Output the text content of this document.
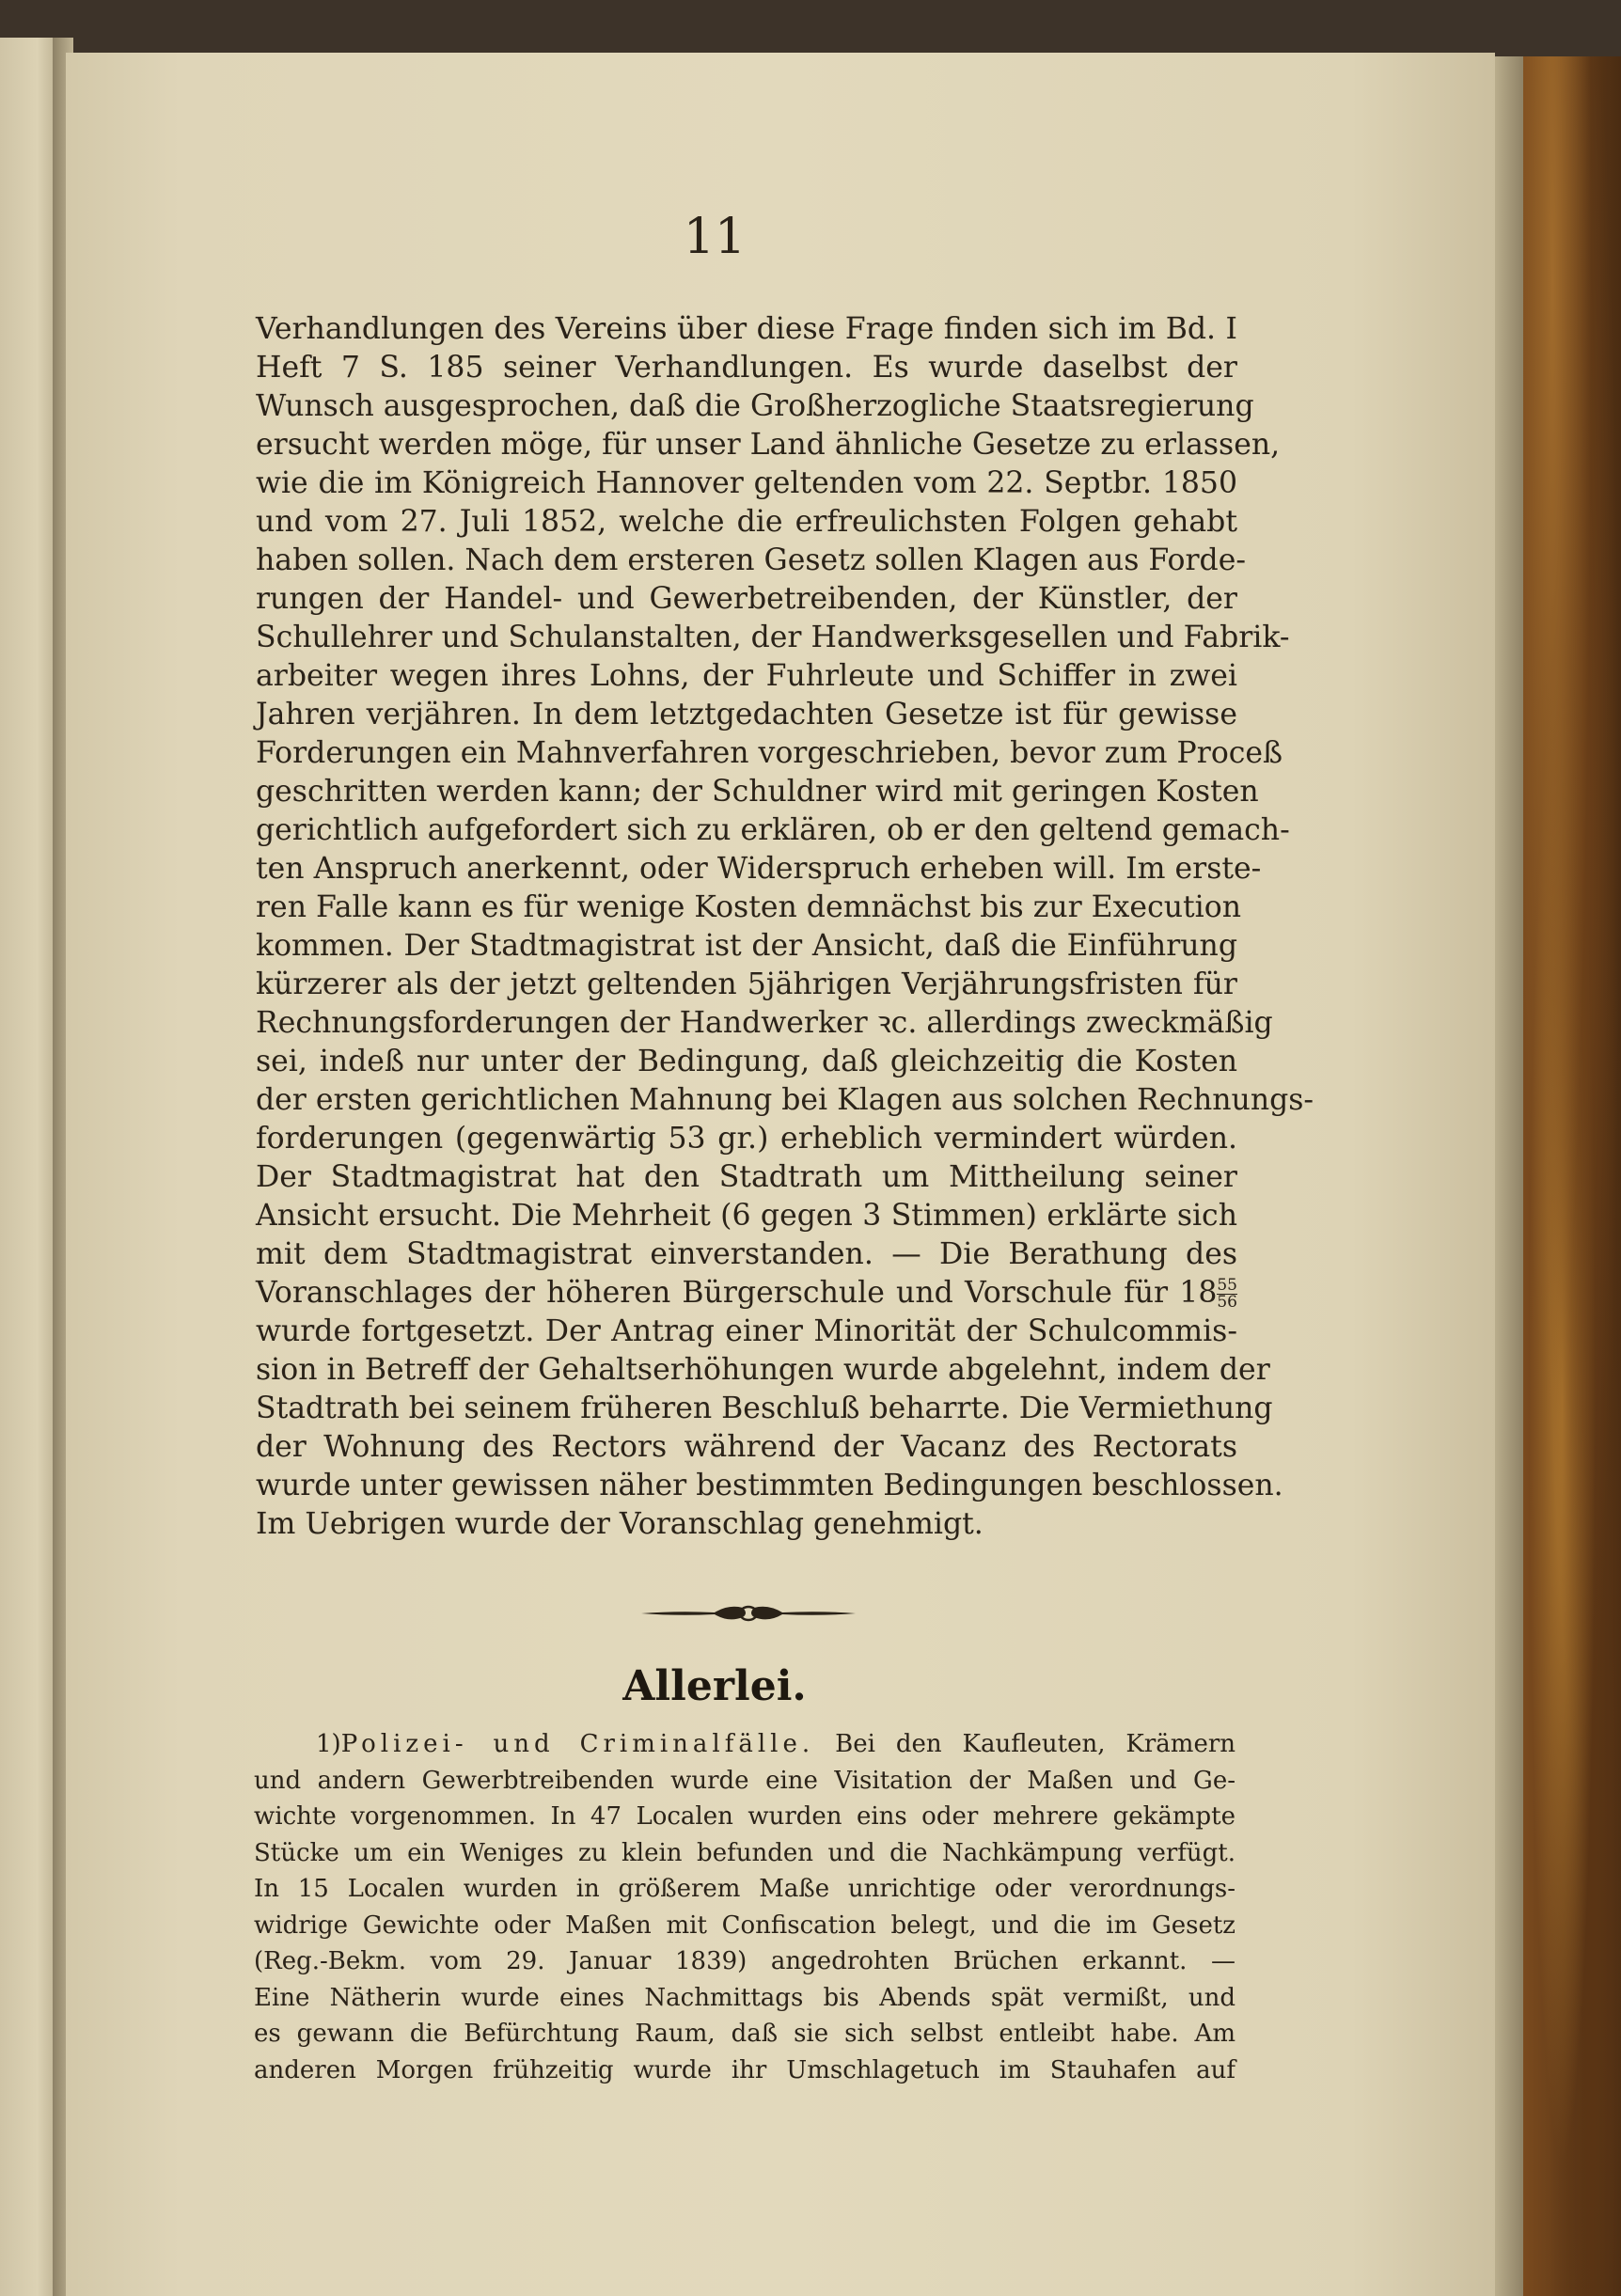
11
Verhandlungen des Vereins über diese Frage finden sich im Bd. I
Heft 7 S. 185 seiner Verhandlungen. Es wurde daselbst der
Wunsch ausgesprochen, daß die Großherzogliche Staatsregierung
ersucht werden möge, für unser Land ähnliche Gesetze zu erlassen,
wie die im Königreich Hannover geltenden vom 22. Septbr. 1850
und vom 27. Juli 1852, welche die erfreulichsten Folgen gehabt
haben sollen. Nach dem ersteren Gesetz sollen Klagen aus Forde-
rungen der Handel- und Gewerbetreibenden, der Künstler, der
Schullehrer und Schulanstalten, der Handwerksgesellen und Fabrik-
arbeiter wegen ihres Lohns, der Fuhrleute und Schiffer in zwei
Jahren verjähren. In dem letztgedachten Gesetze ist für gewisse
Forderungen ein Mahnverfahren vorgeschrieben, bevor zum Proceß
geschritten werden kann; der Schuldner wird mit geringen Kosten
gerichtlich aufgefordert sich zu erklären, ob er den geltend gemach-
ten Anspruch anerkennt, oder Widerspruch erheben will. Im erste-
ren Falle kann es für wenige Kosten demnächst bis zur Execution
kommen. Der Stadtmagistrat ist der Ansicht, daß die Einführung
kürzerer als der jetzt geltenden 5jährigen Verjährungsfristen für
Rechnungsforderungen der Handwerker ꝛc. allerdings zweckmäßig
sei, indeß nur unter der Bedingung, daß gleichzeitig die Kosten
der ersten gerichtlichen Mahnung bei Klagen aus solchen Rechnungs-
forderungen (gegenwärtig 53 gr.) erheblich vermindert würden.
Der Stadtmagistrat hat den Stadtrath um Mittheilung seiner
Ansicht ersucht. Die Mehrheit (6 gegen 3 Stimmen) erklärte sich
mit dem Stadtmagistrat einverstanden. — Die Berathung des
Voranschlages der höheren Bürgerschule und Vorschule für $18 \frac{55}{56}$
wurde fortgesetzt. Der Antrag einer Minorität der Schulcommis-
sion in Betreff der Gehaltserhöhungen wurde abgelehnt, indem der
Stadtrath bei seinem früheren Beschluß beharrte. Die Vermiethung
der Wohnung des Rectors während der Vacanz des Rectorats
wurde unter gewissen näher bestimmten Bedingungen beschlossen.
Im Uebrigen wurde der Voranschlag genehmigt.
Allerlei.
1)Polizei- und Criminalfälle. Bei den Kaufleuten, Krämern
und andern Gewerbtreibenden wurde eine Visitation der Maßen und Ge-
wichte vorgenommen. In 47 Localen wurden eins oder mehrere gekämpte
Stücke um ein Weniges zu klein befunden und die Nachkämpung verfügt.
In 15 Localen wurden in größerem Maße unrichtige oder verordnungs-
widrige Gewichte oder Maßen mit Confiscation belegt, und die im Gesetz
(Reg.-Bekm. vom 29. Januar 1839) angedrohten Brüchen erkannt. —
Eine Nätherin wurde eines Nachmittags bis Abends spät vermißt, und
es gewann die Befürchtung Raum, daß sie sich selbst entleibt habe. Am
anderen Morgen frühzeitig wurde ihr Umschlagetuch im Stauhafen auf
